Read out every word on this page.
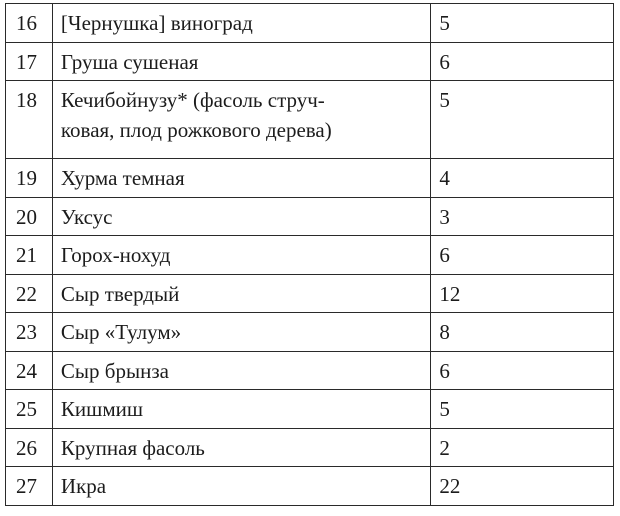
16	[Чернушка] виноград	5
17	Груша сушеная	6
18	Кечибойнузу* (фасоль струч-
ковая, плод рожкового дерева)	5
19	Хурма темная	4
20	Уксус	3
21	Горох-нохуд	6
22	Сыр твердый	12
23	Сыр «Тулум»	8
24	Сыр брынза	6
25	Кишмиш	5
26	Крупная фасоль	2
27	Икра	22
